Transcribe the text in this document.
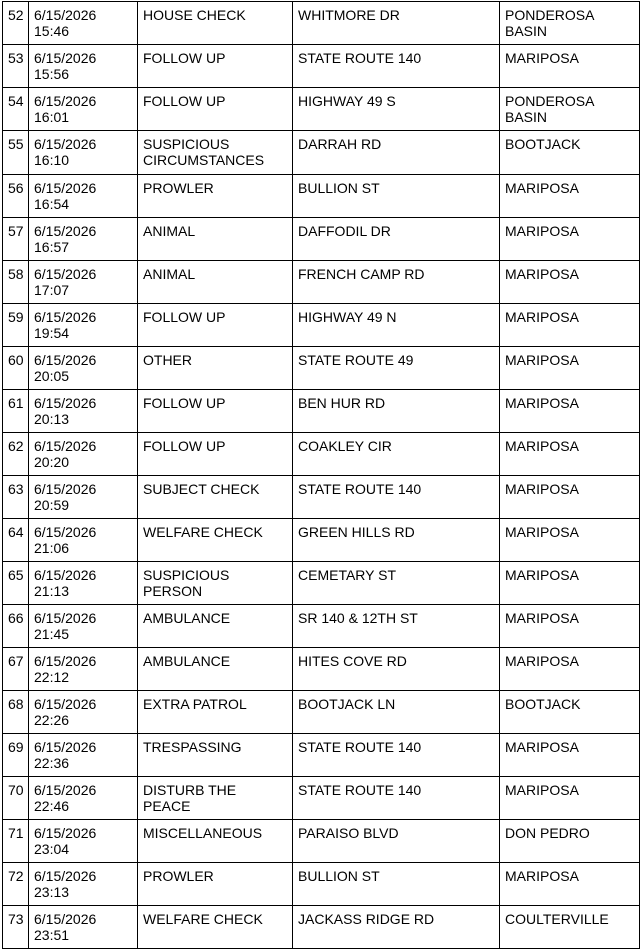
52	6/15/2026 15:46	HOUSE CHECK	WHITMORE DR	PONDEROSA BASIN
53	6/15/2026 15:56	FOLLOW UP	STATE ROUTE 140	MARIPOSA
54	6/15/2026 16:01	FOLLOW UP	HIGHWAY 49 S	PONDEROSA BASIN
55	6/15/2026 16:10	SUSPICIOUS CIRCUMSTANCES	DARRAH RD	BOOTJACK
56	6/15/2026 16:54	PROWLER	BULLION ST	MARIPOSA
57	6/15/2026 16:57	ANIMAL	DAFFODIL DR	MARIPOSA
58	6/15/2026 17:07	ANIMAL	FRENCH CAMP RD	MARIPOSA
59	6/15/2026 19:54	FOLLOW UP	HIGHWAY 49 N	MARIPOSA
60	6/15/2026 20:05	OTHER	STATE ROUTE 49	MARIPOSA
61	6/15/2026 20:13	FOLLOW UP	BEN HUR RD	MARIPOSA
62	6/15/2026 20:20	FOLLOW UP	COAKLEY CIR	MARIPOSA
63	6/15/2026 20:59	SUBJECT CHECK	STATE ROUTE 140	MARIPOSA
64	6/15/2026 21:06	WELFARE CHECK	GREEN HILLS RD	MARIPOSA
65	6/15/2026 21:13	SUSPICIOUS PERSON	CEMETARY ST	MARIPOSA
66	6/15/2026 21:45	AMBULANCE	SR 140 & 12TH ST	MARIPOSA
67	6/15/2026 22:12	AMBULANCE	HITES COVE RD	MARIPOSA
68	6/15/2026 22:26	EXTRA PATROL	BOOTJACK LN	BOOTJACK
69	6/15/2026 22:36	TRESPASSING	STATE ROUTE 140	MARIPOSA
70	6/15/2026 22:46	DISTURB THE PEACE	STATE ROUTE 140	MARIPOSA
71	6/15/2026 23:04	MISCELLANEOUS	PARAISO BLVD	DON PEDRO
72	6/15/2026 23:13	PROWLER	BULLION ST	MARIPOSA
73	6/15/2026 23:51	WELFARE CHECK	JACKASS RIDGE RD	COULTERVILLE
